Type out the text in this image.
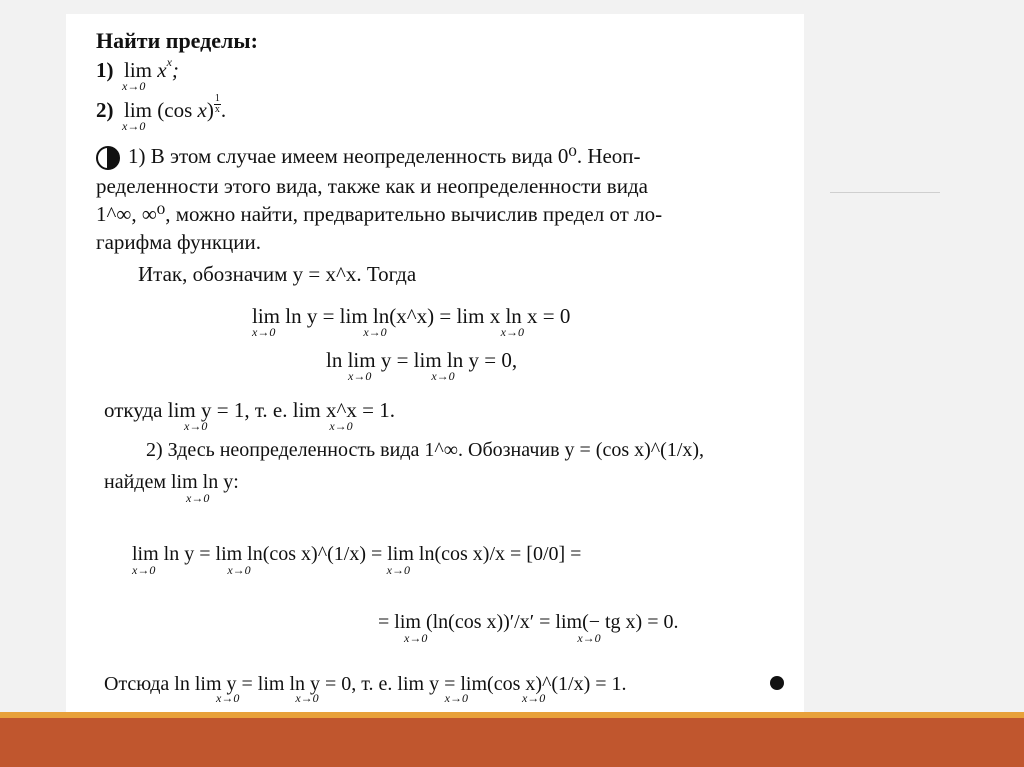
Найти пределы:
1) lim
x→0
$x^x$;
2) lim
x→0
(cos $x) \frac{1}{x}$ .
1) В этом случае имеем неопределенность вида 0⁰. Неоп-
ределенности этого вида, также как и неопределенности вида
1^∞, ∞⁰, можно найти, предварительно вычислив предел от ло-
гарифма функции.
Итак, обозначим y = x^x. Тогда
lim ln y = lim ln(x^x) = lim x ln x = 0
ln lim y = lim ln y = 0,
x→0	x→0	x→0
x→0	x→0
откуда lim y = 1, т. е. lim x^x = 1.
x→0	x→0
2) Здесь неопределенность вида 1^∞. Обозначив y = (cos x)^(1/x),
найдем lim ln y:
x→0
lim ln y = lim ln(cos x)^(1/x) = lim ln(cos x)/x = [0/0] =
x→0	x→0	x→0
= lim (ln(cos x))′/x′ = lim(− tg x) = 0.
x→0	x→0
Отсюда ln lim y = lim ln y = 0, т. е. lim y = lim(cos x)^(1/x) = 1.
x→0	x→0	x→0	x→0
